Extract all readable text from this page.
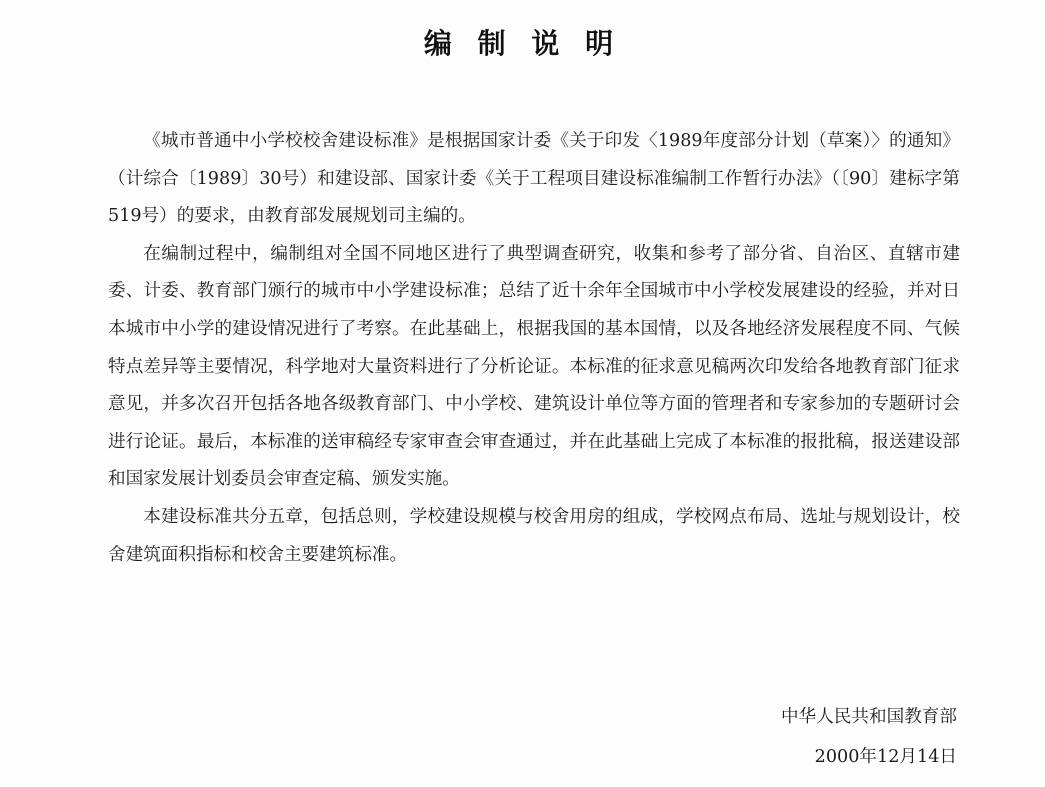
编 制 说 明

《城市普通中小学校校舍建设标准》是根据国家计委《关于印发〈1989年度部分计划（草案）〉的通知》（计综合〔1989〕30号）和建设部、国家计委《关于工程项目建设标准编制工作暂行办法》（〔90〕建标字第519号）的要求，由教育部发展规划司主编的。

在编制过程中，编制组对全国不同地区进行了典型调查研究，收集和参考了部分省、自治区、直辖市建委、计委、教育部门颁行的城市中小学建设标准；总结了近十余年全国城市中小学校发展建设的经验，并对日本城市中小学的建设情况进行了考察。在此基础上，根据我国的基本国情，以及各地经济发展程度不同、气候特点差异等主要情况，科学地对大量资料进行了分析论证。本标准的征求意见稿两次印发给各地教育部门征求意见，并多次召开包括各地各级教育部门、中小学校、建筑设计单位等方面的管理者和专家参加的专题研讨会进行论证。最后，本标准的送审稿经专家审查会审查通过，并在此基础上完成了本标准的报批稿，报送建设部和国家发展计划委员会审查定稿、颁发实施。

本建设标准共分五章，包括总则，学校建设规模与校舍用房的组成，学校网点布局、选址与规划设计，校舍建筑面积指标和校舍主要建筑标准。

中华人民共和国教育部
2000年12月14日
